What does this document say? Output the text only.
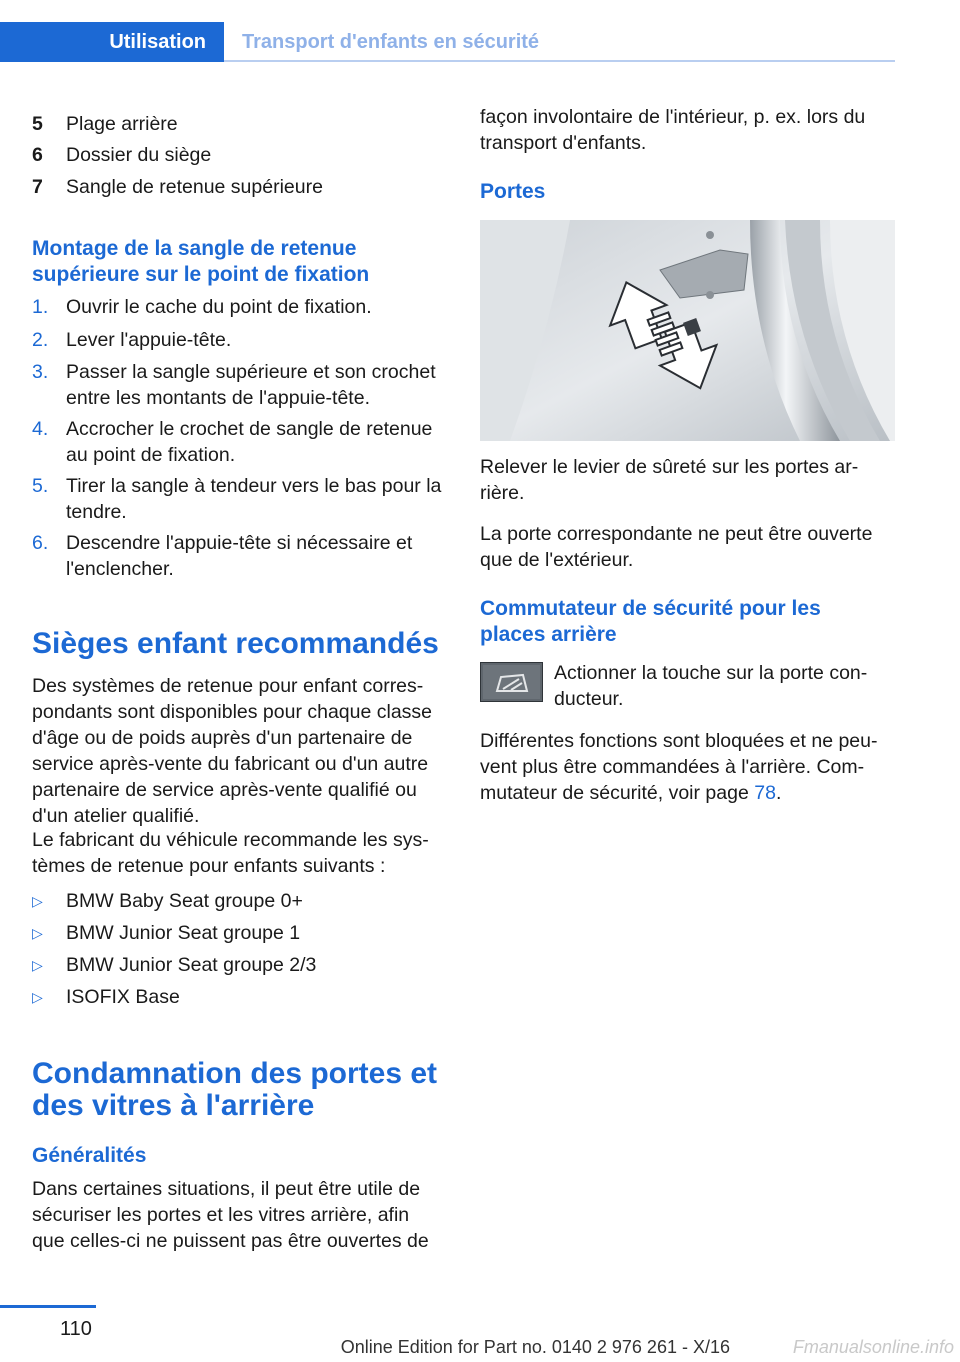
Utilisation Transport d'enfants en sécurité
5	Plage arrière
6	Dossier du siège
7	Sangle de retenue supérieure
Montage de la sangle de retenue
supérieure sur le point de fixation
1. Ouvrir le cache du point de fixation.
2. Lever l'appuie-tête.
3. Passer la sangle supérieure et son crochet
entre les montants de l'appuie-tête.
4. Accrocher le crochet de sangle de retenue
au point de fixation.
5. Tirer la sangle à tendeur vers le bas pour la
tendre.
6. Descendre l'appuie-tête si nécessaire et
l'enclencher.
Sièges enfant recommandés
Des systèmes de retenue pour enfant corres‐
pondants sont disponibles pour chaque classe
d'âge ou de poids auprès d'un partenaire de
service après-vente du fabricant ou d'un autre
partenaire de service après-vente qualifié ou
d'un atelier qualifié.
Le fabricant du véhicule recommande les sys‐
tèmes de retenue pour enfants suivants :
▷ BMW Baby Seat groupe 0+
▷ BMW Junior Seat groupe 1
▷ BMW Junior Seat groupe 2/3
▷ ISOFIX Base
Condamnation des portes et
des vitres à l'arrière
Généralités
Dans certaines situations, il peut être utile de
sécuriser les portes et les vitres arrière, afin
que celles-ci ne puissent pas être ouvertes de
façon involontaire de l'intérieur, p. ex. lors du
transport d'enfants.
Portes
Relever le levier de sûreté sur les portes ar‐
rière.
La porte correspondante ne peut être ouverte
que de l'extérieur.
Commutateur de sécurité pour les
places arrière
Actionner la touche sur la porte con‐
ducteur.
Différentes fonctions sont bloquées et ne peu‐
vent plus être commandées à l'arrière. Com‐
mutateur de sécurité, voir page 78.
110
Online Edition for Part no. 0140 2 976 261 - X/16	Fmanualsonline.info
